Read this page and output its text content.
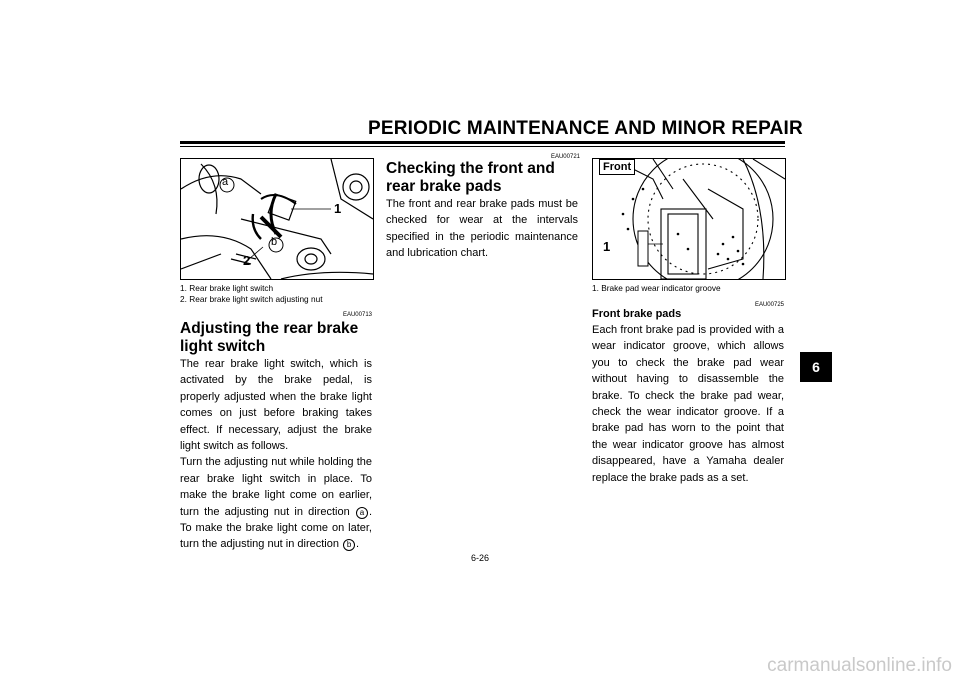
PERIODIC MAINTENANCE AND MINOR REPAIR
6
a
b
1
2
1. Rear brake light switch
2. Rear brake light switch adjusting nut
EAU00713
Adjusting the rear brake light switch

The rear brake light switch, which is activated by the brake pedal, is properly adjusted when the brake light comes on just before braking takes effect. If necessary, adjust the brake light switch as follows.

Turn the adjusting nut while holding the rear brake light switch in place. To make the brake light come on earlier, turn the adjusting nut in direction a . To make the brake light come on later, turn the adjusting nut in direction b .

EAU00721
Checking the front and rear brake pads
The front and rear brake pads must be checked for wear at the intervals specified in the periodic maintenance and lubrication chart.
Front
1
1. Brake pad wear indicator groove
EAU00725
Front brake pads
Each front brake pad is provided with a wear indicator groove, which allows you to check the brake pad wear without having to disassemble the brake. To check the brake pad wear, check the wear indicator groove. If a brake pad has worn to the point that the wear indicator groove has almost disappeared, have a Yamaha dealer replace the brake pads as a set.
6-26
carmanualsonline.info
